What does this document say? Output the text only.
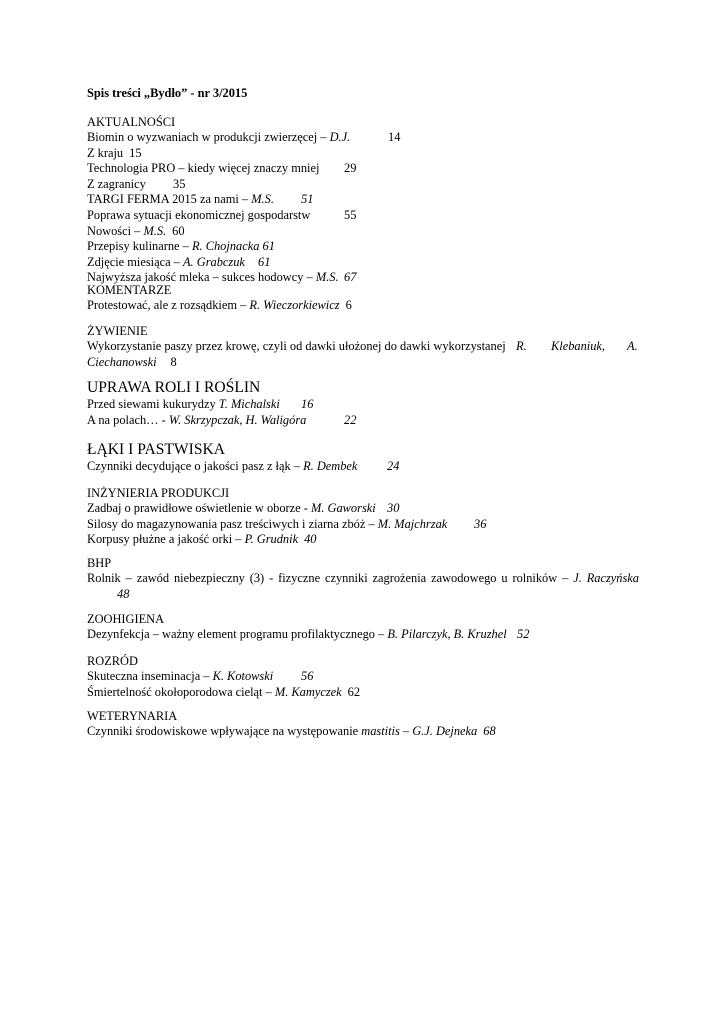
Spis treści „Bydło” - nr 3/2015
AKTUALNOŚCI
Biomin o wyzwaniach w produkcji zwierzęcej – D.J.	14
Z kraju 15
Technologia PRO – kiedy więcej znaczy mniej 29
Z zagranicy 35
TARGI FERMA 2015 za nami – M.S. 51
Poprawa sytuacji ekonomicznej gospodarstw	55
Nowości – M.S. 60
Przepisy kulinarne – R. Chojnacka 61
Zdjęcie miesiąca – A. Grabczuk 61
Najwyższa jakość mleka – sukces hodowcy – M.S. 67
KOMENTARZE
Protestować, ale z rozsądkiem – R. Wieczorkiewicz 6
ŻYWIENIE
Wykorzystanie paszy przez krowę, czyli od dawki ułożonej do dawki wykorzystanej R. Klebaniuk, A.
Ciechanowski 8
UPRAWA ROLI I ROŚLIN
Przed siewami kukurydzy T. Michalski 16
A na polach… - W. Skrzypczak, H. Waligóra	22
ŁĄKI I PASTWISKA
Czynniki decydujące o jakości pasz z łąk – R. Dembek 24
INŻYNIERIA PRODUKCJI
Zadbaj o prawidłowe oświetlenie w oborze - M. Gaworski 30
Silosy do magazynowania pasz treściwych i ziarna zbóż – M. Majchrzak 36
Korpusy płużne a jakość orki – P. Grudnik 40
BHP
Rolnik – zawód niebezpieczny (3) - fizyczne czynniki zagrożenia zawodowego u rolników – J. Raczyńska
48
ZOOHIGIENA
Dezynfekcja – ważny element programu profilaktycznego – B. Pilarczyk, B. Kruzhel 52
ROZRÓD
Skuteczna inseminacja – K. Kotowski 56
Śmiertelność okołoporodowa cieląt – M. Kamyczek 62
WETERYNARIA
Czynniki środowiskowe wpływające na występowanie mastitis – G.J. Dejneka 68
